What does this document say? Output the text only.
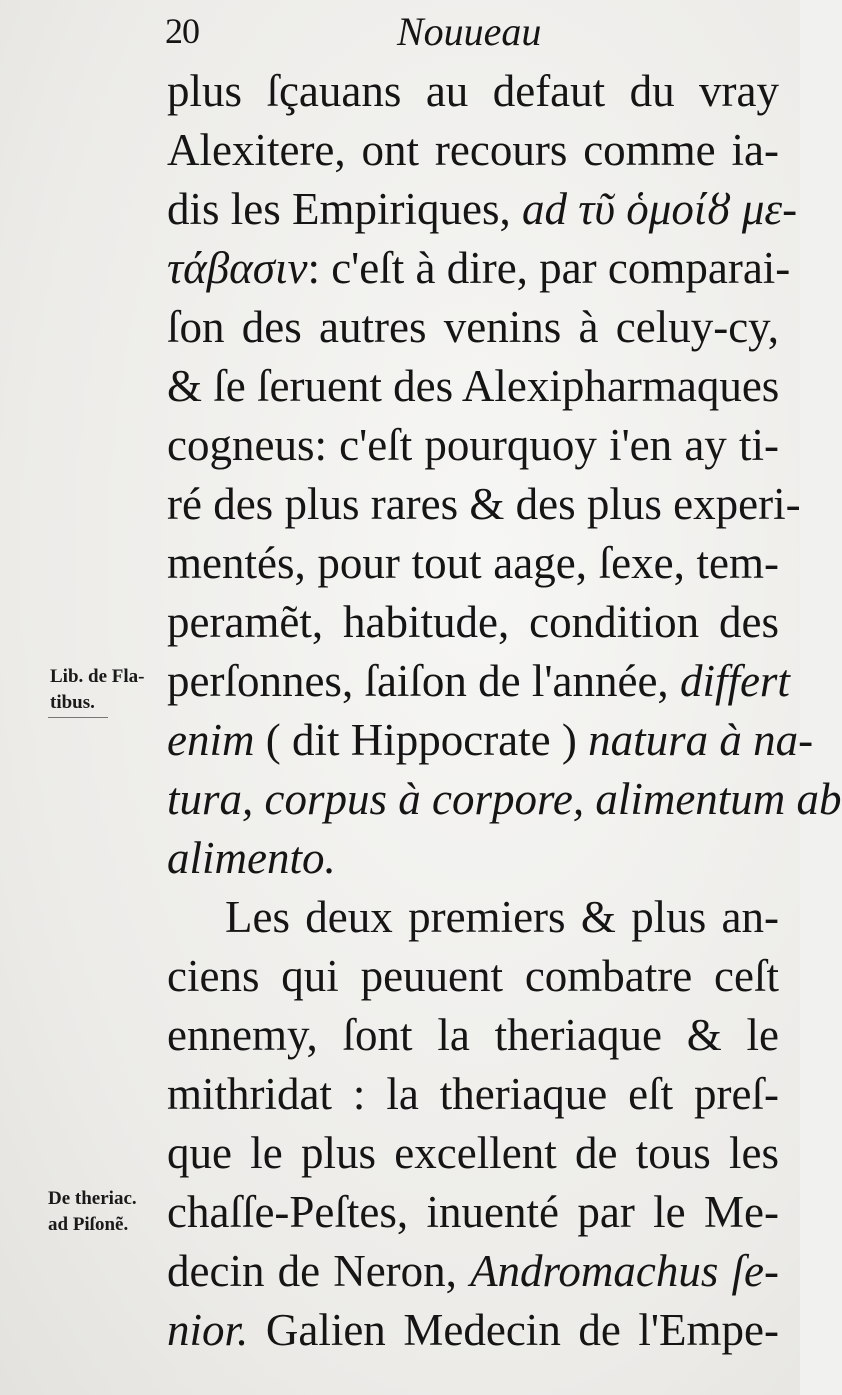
20	Nouueau
plus ſçauans au defaut du vray
Alexitere, ont recours comme ia-
dis les Empiriques, ad τῦ ὁμοίȣ με-
τάβασιν: c'eſt à dire, par comparai-
ſon des autres venins à celuy-cy,
& ſe ſeruent des Alexipharmaques
cogneus: c'eſt pourquoy i'en ay ti-
ré des plus rares & des plus experi-
mentés, pour tout aage, ſexe, tem-
peramẽt, habitude, condition des
perſonnes, ſaiſon de l'année, differt
enim ( dit Hippocrate ) natura à na-
tura, corpus à corpore, alimentum ab
alimento.
Les deux premiers & plus an-
ciens qui peuuent combatre ceſt
ennemy, ſont la theriaque & le
mithridat : la theriaque eſt preſ-
que le plus excellent de tous les
chaſſe-Peſtes, inuenté par le Me-
decin de Neron, Andromachus ſe-
nior. Galien Medecin de l'Empe-
Lib. de Fla-
tibus.
De theriac.
ad Piſonẽ.
